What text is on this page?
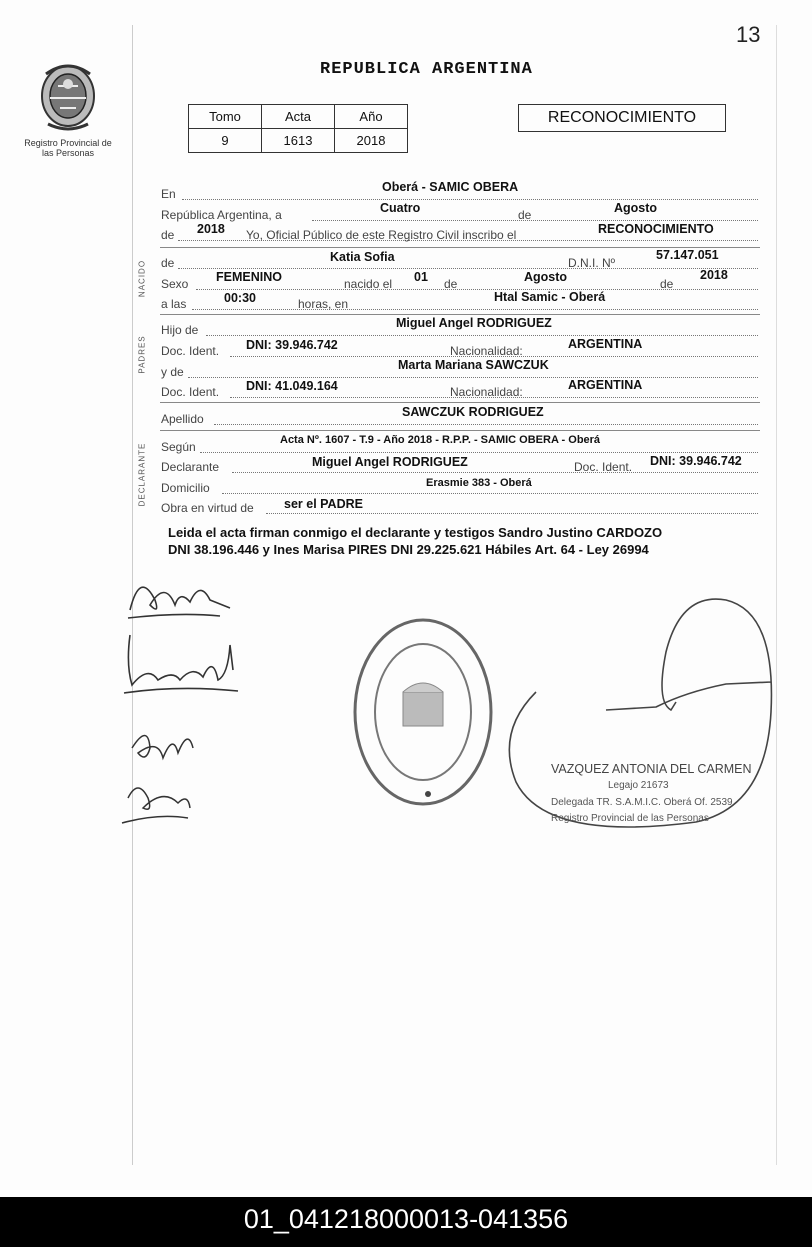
13
Registro Provincial de las Personas
REPUBLICA ARGENTINA
Tomo	Acta	Año
9	1613	2018
RECONOCIMIENTO
En	Oberá - SAMIC OBERA
República Argentina, a	Cuatro	de	Agosto
de 2018 Yo, Oficial Público de este Registro Civil inscribo el	RECONOCIMIENTO
NACIDO de	Katia Sofia	D.N.I. Nº
57.147.051
Sexo FEMENINO	nacido el 01 de	Agosto	de
2018
a las	00:30	horas, en	Htal Samic - Oberá
PADRES
Hijo de	Miguel Angel RODRIGUEZ
Doc. Ident. DNI: 39.946.742	Nacionalidad:	ARGENTINA
y de	Marta Mariana SAWCZUK
Doc. Ident. DNI: 41.049.164	Nacionalidad:	ARGENTINA
Apellido	SAWCZUK RODRIGUEZ
DECLARANTE Según	Acta Nº. 1607 - T.9 - Año 2018 - R.P.P. - SAMIC OBERA - Oberá
Declarante	Miguel Angel RODRIGUEZ	Doc. Ident. DNI: 39.946.742
Domicilio	Erasmie 383 - Oberá
Obra en virtud de ser el PADRE
Leida el acta firman conmigo el declarante y testigos Sandro Justino CARDOZO
DNI 38.196.446 y Ines Marisa PIRES DNI 29.225.621 Hábiles Art. 64 - Ley 26994
VAZQUEZ ANTONIA DEL CARMEN
Legajo 21673
Delegada TR. S.A.M.I.C. Oberá Of. 2539
Registro Provincial de las Personas
01_041218000013-041356
